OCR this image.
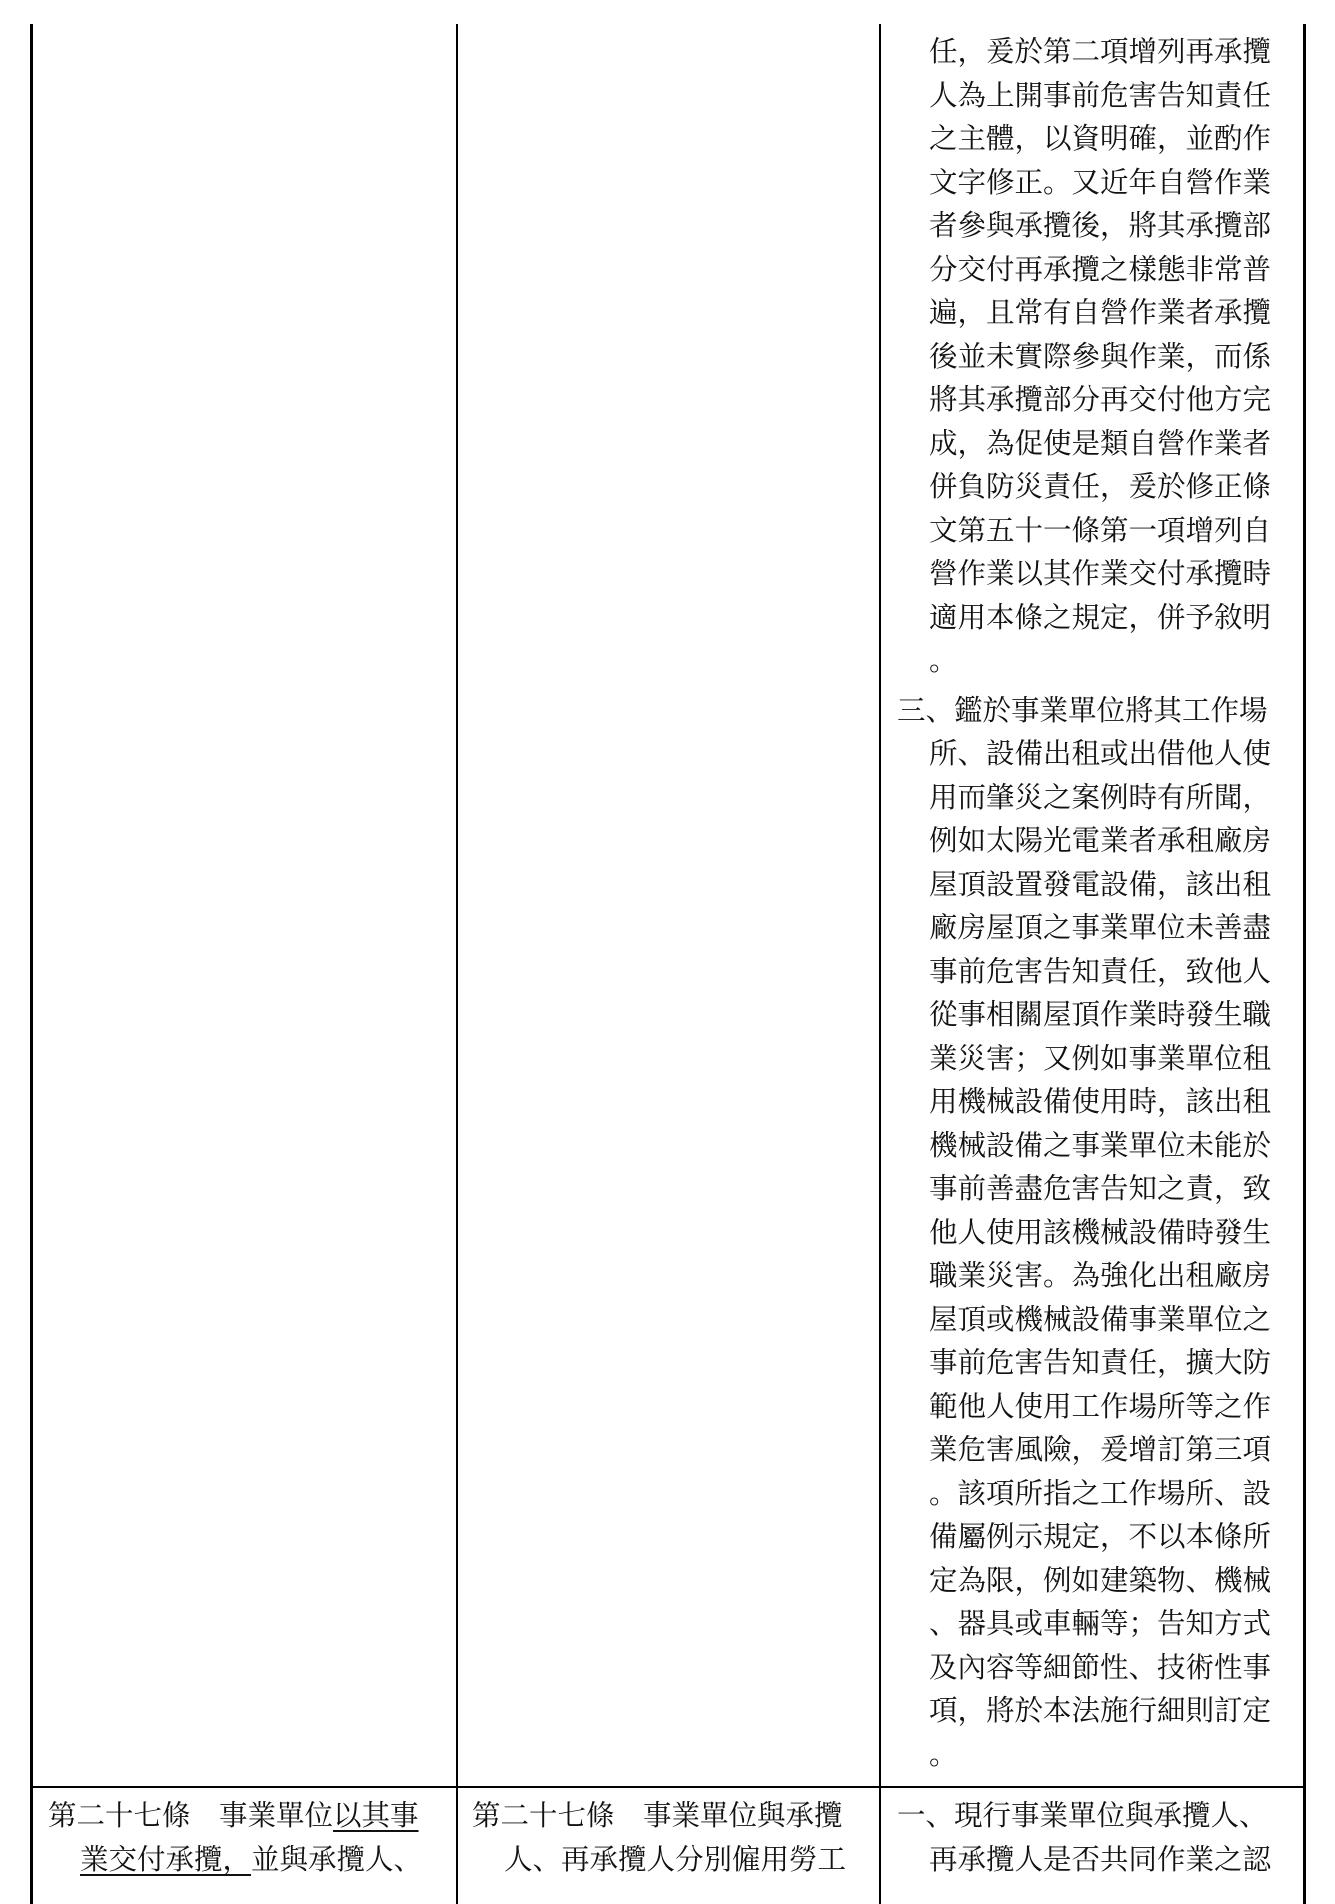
任，爰於第二項增列再承攬
人為上開事前危害告知責任
之主體，以資明確，並酌作
文字修正。又近年自營作業
者參與承攬後，將其承攬部
分交付再承攬之樣態非常普
遍，且常有自營作業者承攬
後並未實際參與作業，而係
將其承攬部分再交付他方完
成，為促使是類自營作業者
併負防災責任，爰於修正條
文第五十一條第一項增列自
營作業以其作業交付承攬時
適用本條之規定，併予敘明
。
三、鑑於事業單位將其工作場
所、設備出租或出借他人使
用而肇災之案例時有所聞，
例如太陽光電業者承租廠房
屋頂設置發電設備，該出租
廠房屋頂之事業單位未善盡
事前危害告知責任，致他人
從事相關屋頂作業時發生職
業災害；又例如事業單位租
用機械設備使用時，該出租
機械設備之事業單位未能於
事前善盡危害告知之責，致
他人使用該機械設備時發生
職業災害。為強化出租廠房
屋頂或機械設備事業單位之
事前危害告知責任，擴大防
範他人使用工作場所等之作
業危害風險，爰增訂第三項
。該項所指之工作場所、設
備屬例示規定，不以本條所
定為限，例如建築物、機械
、器具或車輛等；告知方式
及內容等細節性、技術性事
項，將於本法施行細則訂定
。
第二十七條　事業單位以其事
業交付承攬，並與承攬人、
第二十七條　事業單位與承攬
人、再承攬人分別僱用勞工
一、現行事業單位與承攬人、
再承攬人是否共同作業之認
